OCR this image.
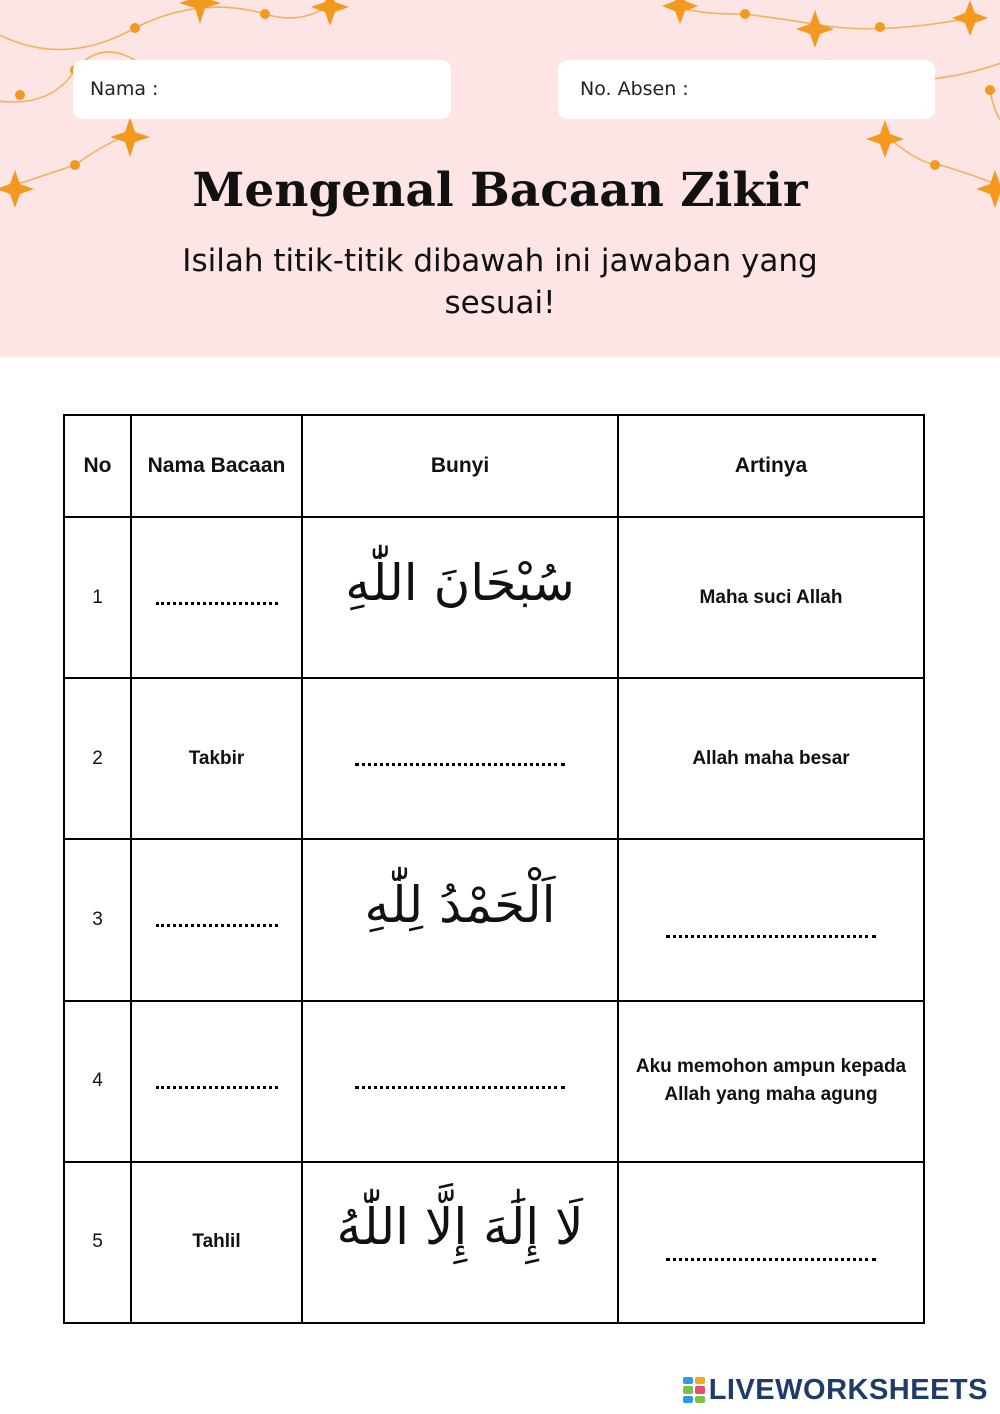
Nama :	No. Absen :
Mengenal Bacaan Zikir
Isilah titik-titik dibawah ini jawaban yang sesuai!
No	Nama Bacaan	Bunyi	Artinya
1		سُبْحَانَ اللّٰهِ	Maha suci Allah
2	Takbir		Allah maha besar
3		اَلْحَمْدُ لِلّٰهِ	
4			Aku memohon ampun kepada Allah yang maha agung
5	Tahlil	لَا إِلَٰهَ إِلَّا اللّٰهُ	
LIVEWORKSHEETS
